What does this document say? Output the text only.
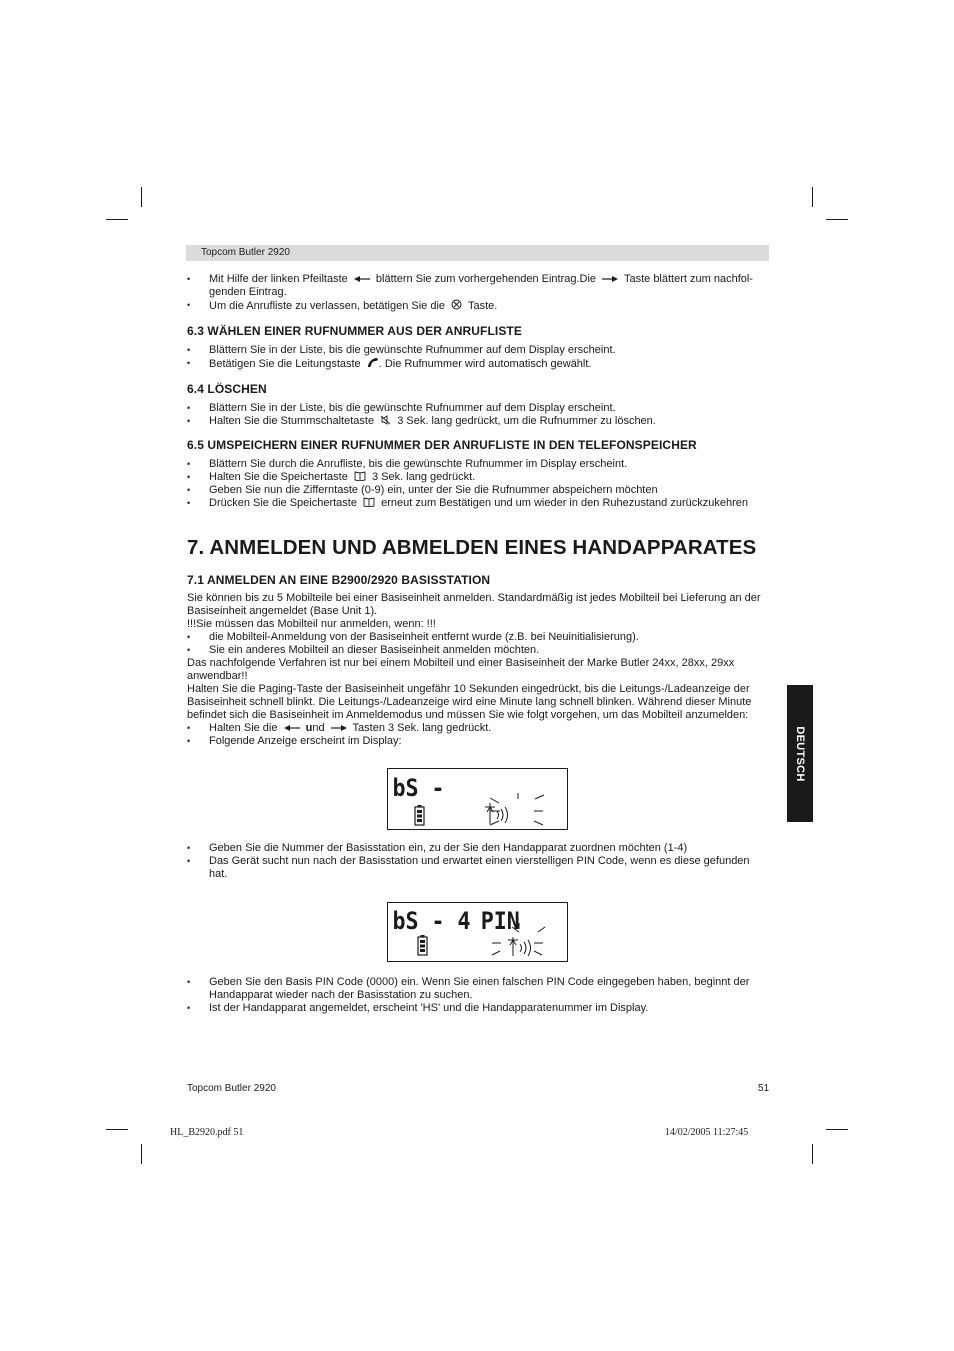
Topcom Butler 2920
• Mit Hilfe der linken Pfeiltaste	blättern Sie zum vorhergehenden Eintrag.Die	Taste blättert zum nachfol-
genden Eintrag.
• Um die Anrufliste zu verlassen, betätigen Sie die Taste.
6.3 WÄHLEN EINER RUFNUMMER AUS DER ANRUFLISTE
• Blättern Sie in der Liste, bis die gewünschte Rufnummer auf dem Display erscheint.
• Betätigen Sie die Leitungstaste . Die Rufnummer wird automatisch gewählt.
6.4 LÖSCHEN
• Blättern Sie in der Liste, bis die gewünschte Rufnummer auf dem Display erscheint.
• Halten Sie die Stummschaltetaste 3 Sek. lang gedrückt, um die Rufnummer zu löschen.
6.5 UMSPEICHERN EINER RUFNUMMER DER ANRUFLISTE IN DEN TELEFONSPEICHER
• Blättern Sie durch die Anrufliste, bis die gewünschte Rufnummer im Display erscheint.
• Halten Sie die Speichertaste 3 Sek. lang gedrückt.
• Geben Sie nun die Zifferntaste (0-9) ein, unter der Sie die Rufnummer abspeichern möchten
• Drücken Sie die Speichertaste erneut zum Bestätigen und um wieder in den Ruhezustand zurückzukehren
7. ANMELDEN UND ABMELDEN EINES HANDAPPARATES
7.1 ANMELDEN AN EINE B2900/2920 BASISSTATION

Sie können bis zu 5 Mobilteile bei einer Basiseinheit anmelden. Standardmäßig ist jedes Mobilteil bei Lieferung an der Basiseinheit angemeldet (Base Unit 1).

!!!Sie müssen das Mobilteil nur anmelden, wenn: !!!

• die Mobilteil-Anmeldung von der Basiseinheit entfernt wurde (z.B. bei Neuinitialisierung).
• Sie ein anderes Mobilteil an dieser Basiseinheit anmelden möchten.

Das nachfolgende Verfahren ist nur bei einem Mobilteil und einer Basiseinheit der Marke Butler 24xx, 28xx, 29xx anwendbar!!

Halten Sie die Paging-Taste der Basiseinheit ungefähr 10 Sekunden eingedrückt, bis die Leitungs-/Ladeanzeige der Basiseinheit schnell blinkt. Die Leitungs-/Ladeanzeige wird eine Minute lang schnell blinken. Während dieser Minute befindet sich die Basiseinheit im Anmeldemodus und müssen Sie wie folgt vorgehen, um das Mobilteil anzumelden:

• Halten Sie die	und	Tasten 3 Sek. lang gedrückt.
• Folgende Anzeige erscheint im Display:
bS -
• Geben Sie die Nummer der Basisstation ein, zu der Sie den Handapparat zuordnen möchten (1-4)
• Das Gerät sucht nun nach der Basisstation und erwartet einen vierstelligen PIN Code, wenn es diese gefunden hat.
bS - 4 PIN
• Geben Sie den Basis PIN Code (0000) ein. Wenn Sie einen falschen PIN Code eingegeben haben, beginnt der Handapparat wieder nach der Basisstation zu suchen.
• Ist der Handapparat angemeldet, erscheint 'HS' und die Handapparatenummer im Display.
DEUTSCH
Topcom Butler 2920	51
HL_B2920.pdf 51	14/02/2005 11:27:45
